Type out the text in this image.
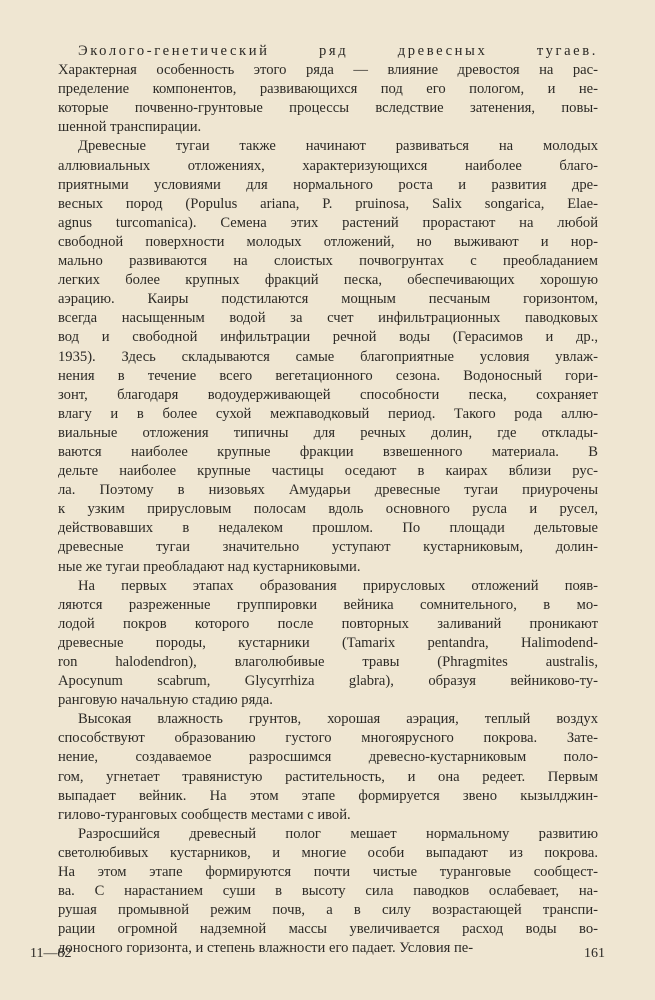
Эколого-генетический ряд древесных тугаев.
Характерная особенность этого ряда — влияние древостоя на рас-
пределение компонентов, развивающихся под его пологом, и не-
которые почвенно-грунтовые процессы вследствие затенения, повы-
шенной транспирации.
Древесные тугаи также начинают развиваться на молодых
аллювиальных отложениях, характеризующихся наиболее благо-
приятными условиями для нормального роста и развития дре-
весных пород (Populus ariana, P. pruinosa, Salix songarica, Elae-
agnus turcomanica). Семена этих растений прорастают на любой
свободной поверхности молодых отложений, но выживают и нор-
мально развиваются на слоистых почвогрунтах с преобладанием
легких более крупных фракций песка, обеспечивающих хорошую
аэрацию. Каиры подстилаются мощным песчаным горизонтом,
всегда насыщенным водой за счет инфильтрационных паводковых
вод и свободной инфильтрации речной воды (Герасимов и др.,
1935). Здесь складываются самые благоприятные условия увлаж-
нения в течение всего вегетационного сезона. Водоносный гори-
зонт, благодаря водоудерживающей способности песка, сохраняет
влагу и в более сухой межпаводковый период. Такого рода аллю-
виальные отложения типичны для речных долин, где отклады-
ваются наиболее крупные фракции взвешенного материала. В
дельте наиболее крупные частицы оседают в каирах вблизи рус-
ла. Поэтому в низовьях Амударьи древесные тугаи приурочены
к узким прирусловым полосам вдоль основного русла и русел,
действовавших в недалеком прошлом. По площади дельтовые
древесные тугаи значительно уступают кустарниковым, долин-
ные же тугаи преобладают над кустарниковыми.
На первых этапах образования прирусловых отложений появ-
ляются разреженные группировки вейника сомнительного, в мо-
лодой покров которого после повторных заливаний проникают
древесные породы, кустарники (Tamarix pentandra, Halimodend-
ron halodendron), влаголюбивые травы (Phragmites australis,
Apocynum scabrum, Glycyrrhiza glabra), образуя вейниково-ту-
ранговую начальную стадию ряда.
Высокая влажность грунтов, хорошая аэрация, теплый воздух
способствуют образованию густого многоярусного покрова. Зате-
нение, создаваемое разросшимся древесно-кустарниковым поло-
гом, угнетает травянистую растительность, и она редеет. Первым
выпадает вейник. На этом этапе формируется звено кызылджин-
гилово-туранговых сообществ местами с ивой.
Разросшийся древесный полог мешает нормальному развитию
светолюбивых кустарников, и многие особи выпадают из покрова.
На этом этапе формируются почти чистые туранговые сообщест-
ва. С нарастанием суши в высоту сила паводков ослабевает, на-
рушая промывной режим почв, а в силу возрастающей транспи-
рации огромной надземной массы увеличивается расход воды во-
доносного горизонта, и степень влажности его падает. Условия пе-
11—82	161
